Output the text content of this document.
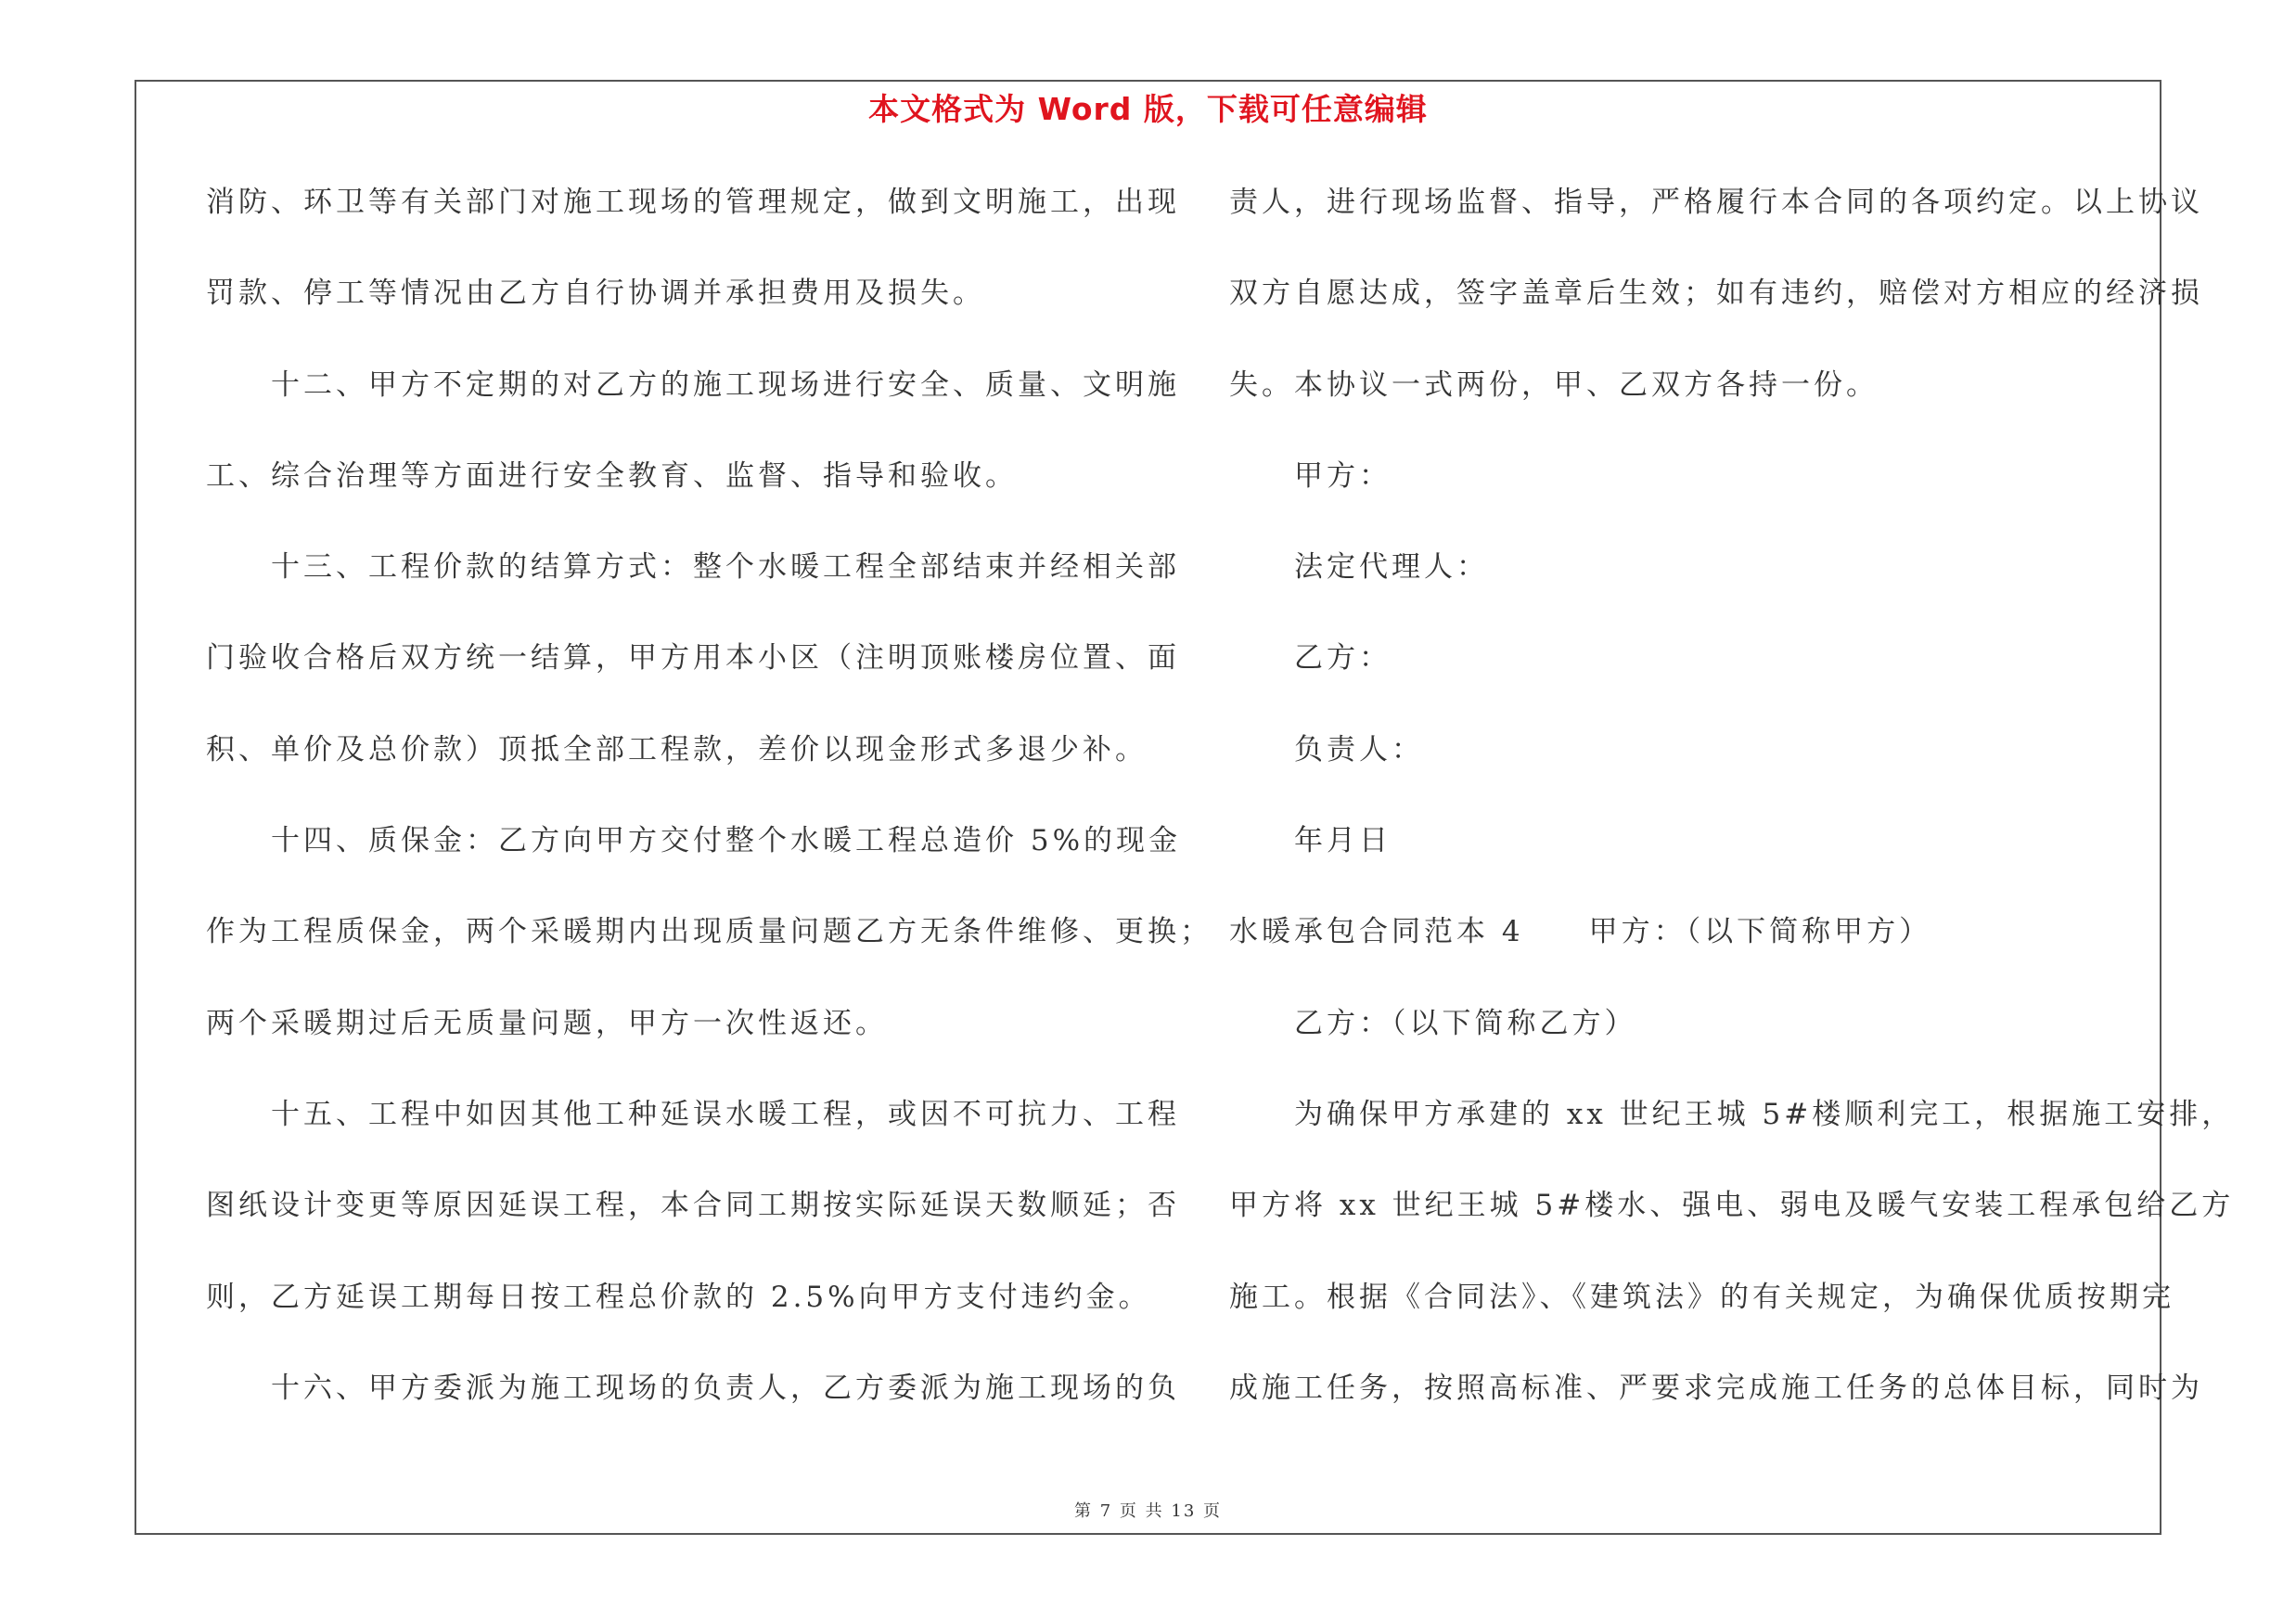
本文格式为 Word 版，下载可任意编辑
消防、环卫等有关部门对施工现场的管理规定，做到文明施工，出现
罚款、停工等情况由乙方自行协调并承担费用及损失。
十二、甲方不定期的对乙方的施工现场进行安全、质量、文明施
工、综合治理等方面进行安全教育、监督、指导和验收。
十三、工程价款的结算方式：整个水暖工程全部结束并经相关部
门验收合格后双方统一结算，甲方用本小区（注明顶账楼房位置、面
积、单价及总价款）顶抵全部工程款，差价以现金形式多退少补。
十四、质保金：乙方向甲方交付整个水暖工程总造价 5%的现金
作为工程质保金，两个采暖期内出现质量问题乙方无条件维修、更换；
两个采暖期过后无质量问题，甲方一次性返还。
十五、工程中如因其他工种延误水暖工程，或因不可抗力、工程
图纸设计变更等原因延误工程，本合同工期按实际延误天数顺延；否
则，乙方延误工期每日按工程总价款的 2.5%向甲方支付违约金。
十六、甲方委派为施工现场的负责人，乙方委派为施工现场的负
责人，进行现场监督、指导，严格履行本合同的各项约定。以上协议
双方自愿达成，签字盖章后生效；如有违约，赔偿对方相应的经济损
失。本协议一式两份，甲、乙双方各持一份。
甲方：
法定代理人：
乙方：
负责人：
年月日
水暖承包合同范本 4 甲方：（以下简称甲方）
乙方：（以下简称乙方）
为确保甲方承建的 xx 世纪王城 5#楼顺利完工，根据施工安排，
甲方将 xx 世纪王城 5#楼水、强电、弱电及暖气安装工程承包给乙方
施工。根据《合同法》、《建筑法》的有关规定，为确保优质按期完
成施工任务，按照高标准、严要求完成施工任务的总体目标，同时为
第 7 页 共 13 页
